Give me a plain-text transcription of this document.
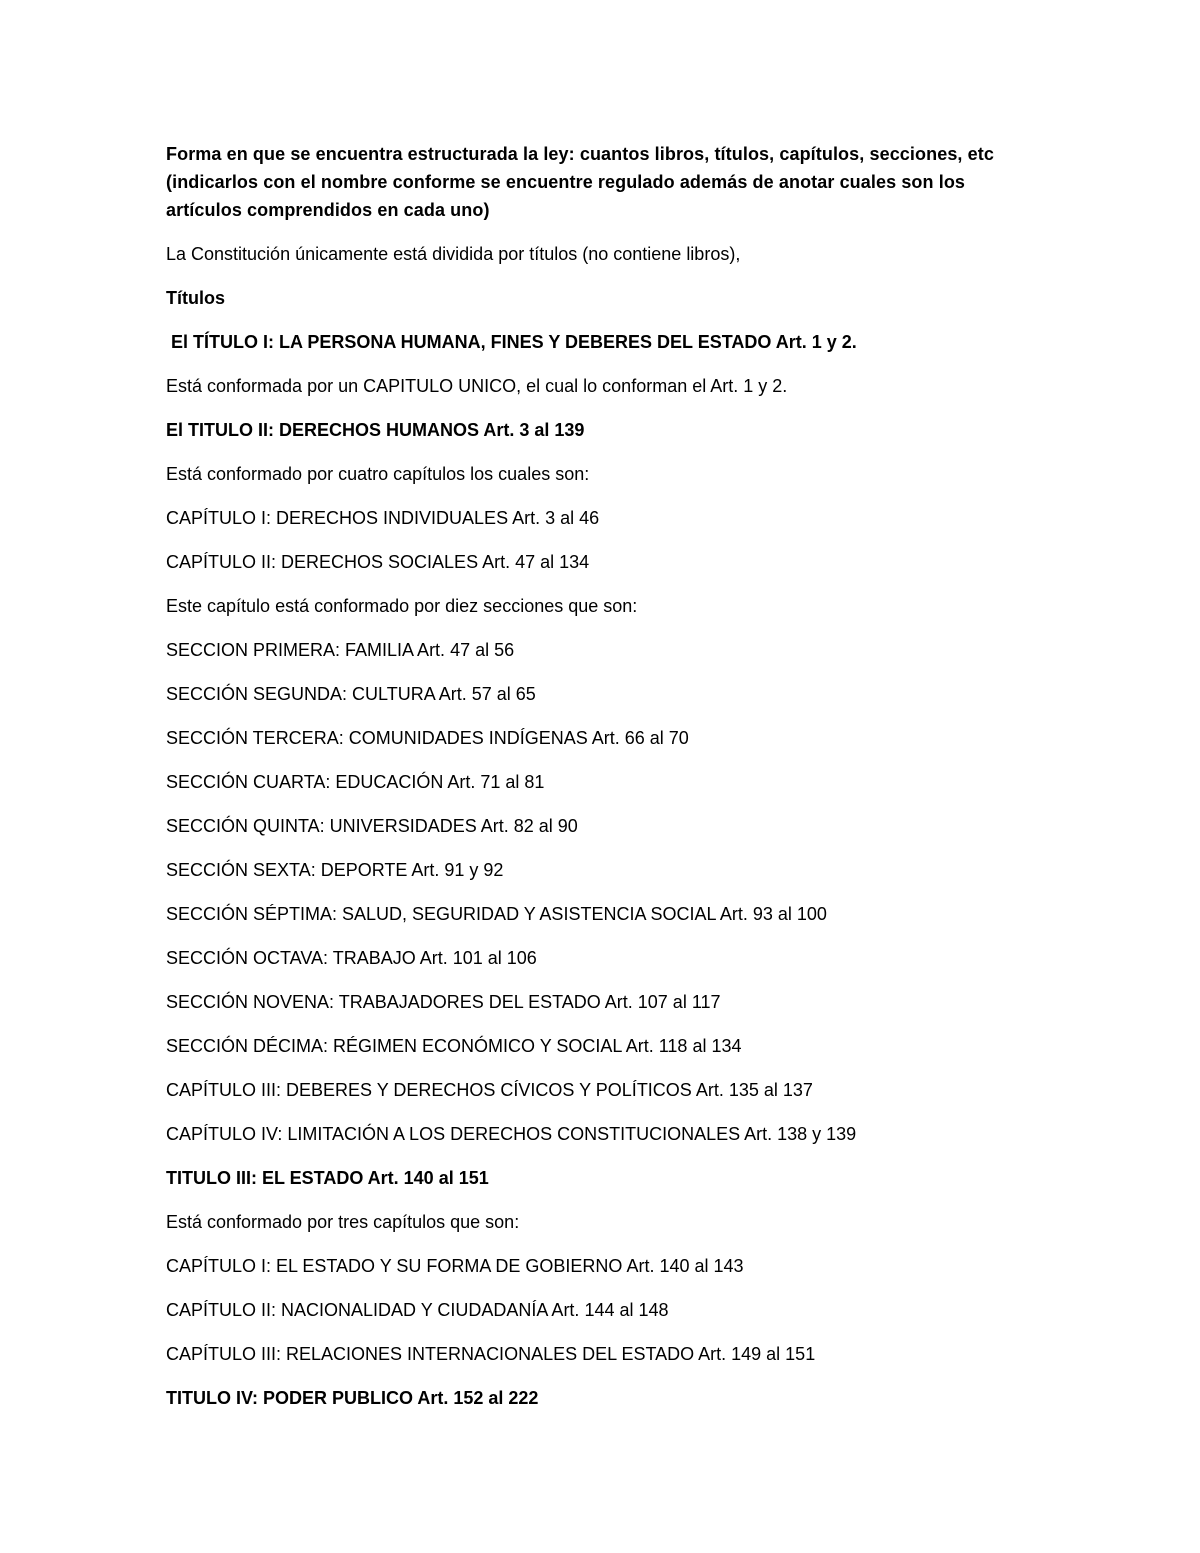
Forma en que se encuentra estructurada la ley: cuantos libros, títulos, capítulos, secciones, etc (indicarlos con el nombre conforme se encuentre regulado además de anotar cuales son los artículos comprendidos en cada uno)

La Constitución únicamente está dividida por títulos (no contiene libros),

Títulos

El TÍTULO I: LA PERSONA HUMANA, FINES Y DEBERES DEL ESTADO Art. 1 y 2.

Está conformada por un CAPITULO UNICO, el cual lo conforman el Art. 1 y 2.

El TITULO II: DERECHOS HUMANOS Art. 3 al 139

Está conformado por cuatro capítulos los cuales son:

CAPÍTULO I: DERECHOS INDIVIDUALES Art. 3 al 46

CAPÍTULO II: DERECHOS SOCIALES Art. 47 al 134

Este capítulo está conformado por diez secciones que son:

SECCION PRIMERA: FAMILIA Art. 47 al 56

SECCIÓN SEGUNDA: CULTURA Art. 57 al 65

SECCIÓN TERCERA: COMUNIDADES INDÍGENAS Art. 66 al 70

SECCIÓN CUARTA: EDUCACIÓN Art. 71 al 81

SECCIÓN QUINTA: UNIVERSIDADES Art. 82 al 90

SECCIÓN SEXTA: DEPORTE Art. 91 y 92

SECCIÓN SÉPTIMA: SALUD, SEGURIDAD Y ASISTENCIA SOCIAL Art. 93 al 100

SECCIÓN OCTAVA: TRABAJO Art. 101 al 106

SECCIÓN NOVENA: TRABAJADORES DEL ESTADO Art. 107 al 117

SECCIÓN DÉCIMA: RÉGIMEN ECONÓMICO Y SOCIAL Art. 118 al 134

CAPÍTULO III: DEBERES Y DERECHOS CÍVICOS Y POLÍTICOS Art. 135 al 137

CAPÍTULO IV: LIMITACIÓN A LOS DERECHOS CONSTITUCIONALES Art. 138 y 139

TITULO III: EL ESTADO Art. 140 al 151

Está conformado por tres capítulos que son:

CAPÍTULO I: EL ESTADO Y SU FORMA DE GOBIERNO Art. 140 al 143

CAPÍTULO II: NACIONALIDAD Y CIUDADANÍA Art. 144 al 148

CAPÍTULO III: RELACIONES INTERNACIONALES DEL ESTADO Art. 149 al 151

TITULO IV: PODER PUBLICO Art. 152 al 222
